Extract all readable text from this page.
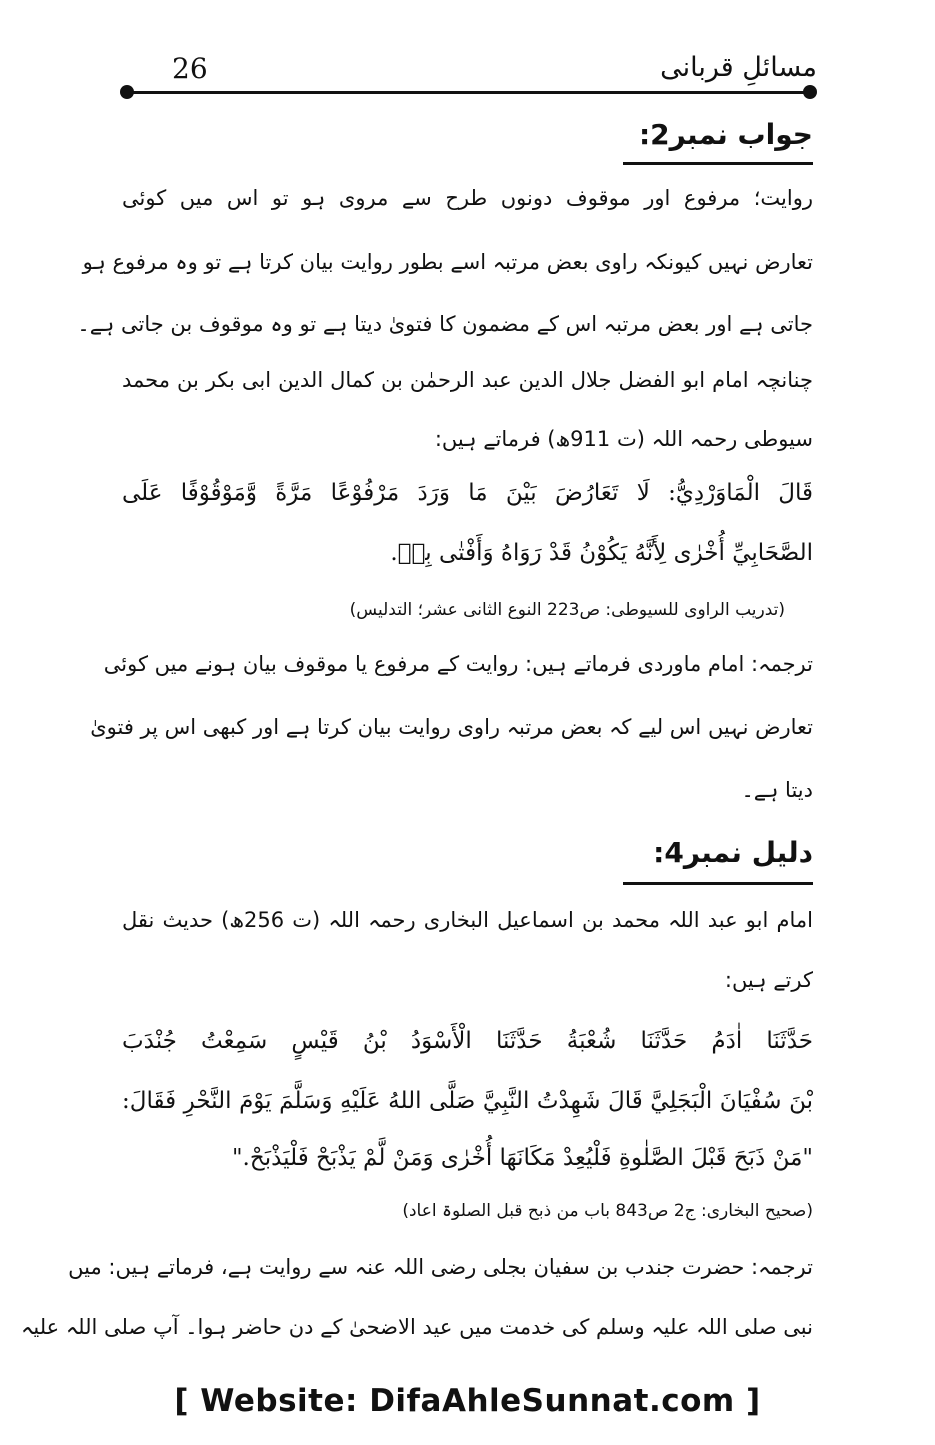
مسائلِ قربانی
26
جواب نمبر2:
روایت؛ مرفوع اور موقوف دونوں طرح سے مروی ہو تو اس میں کوئی
تعارض نہیں کیونکہ راوی بعض مرتبہ اسے بطور روایت بیان کرتا ہے تو وہ مرفوع ہو
جاتی ہے اور بعض مرتبہ اس کے مضمون کا فتویٰ دیتا ہے تو وہ موقوف بن جاتی ہے۔
چنانچہ امام ابو الفضل جلال الدین عبد الرحمٰن بن کمال الدین ابی بکر بن محمد
سیوطی رحمہ اللہ (ت 911ھ) فرماتے ہیں:
قَالَ الْمَاوَرْدِيُّ: لَا تَعَارُضَ بَيْنَ مَا وَرَدَ مَرْفُوْعًا مَرَّةً وَّمَوْقُوْفًا عَلَى
الصَّحَابِيِّ أُخْرٰى لِأَنَّهُ يَكُوْنُ قَدْ رَوَاهُ وَأَفْتٰى بِهٖ.
(تدریب الراوی للسیوطی: ص223 النوع الثانی عشر؛ التدلیس)
ترجمہ: امام ماوردی فرماتے ہیں: روایت کے مرفوع یا موقوف بیان ہونے میں کوئی
تعارض نہیں اس لیے کہ بعض مرتبہ راوی روایت بیان کرتا ہے اور کبھی اس پر فتویٰ
دیتا ہے۔
دلیل نمبر4:
امام ابو عبد اللہ محمد بن اسماعیل البخاری رحمہ اللہ (ت 256ھ) حدیث نقل
کرتے ہیں:
حَدَّثَنَا اٰدَمُ حَدَّثَنَا شُعْبَةُ حَدَّثَنَا الْأَسْوَدُ بْنُ قَيْسٍ سَمِعْتُ جُنْدَبَ
بْنَ سُفْيَانَ الْبَجَلِيَّ قَالَ شَهِدْتُ النَّبِيَّ صَلَّى اللهُ عَلَيْهِ وَسَلَّمَ يَوْمَ النَّحْرِ فَقَالَ:
"مَنْ ذَبَحَ قَبْلَ الصَّلٰوةِ فَلْيُعِدْ مَكَانَهَا أُخْرٰى وَمَنْ لَّمْ يَذْبَحْ فَلْيَذْبَحْ."
(صحیح البخاری: ج2 ص843 باب من ذبح قبل الصلوۃ اعاد)
ترجمہ: حضرت جندب بن سفیان بجلی رضی اللہ عنہ سے روایت ہے، فرماتے ہیں: میں
نبی صلی اللہ علیہ وسلم کی خدمت میں عید الاضحیٰ کے دن حاضر ہوا۔ آپ صلی اللہ علیہ
[ Website: DifaAhleSunnat.com ]
